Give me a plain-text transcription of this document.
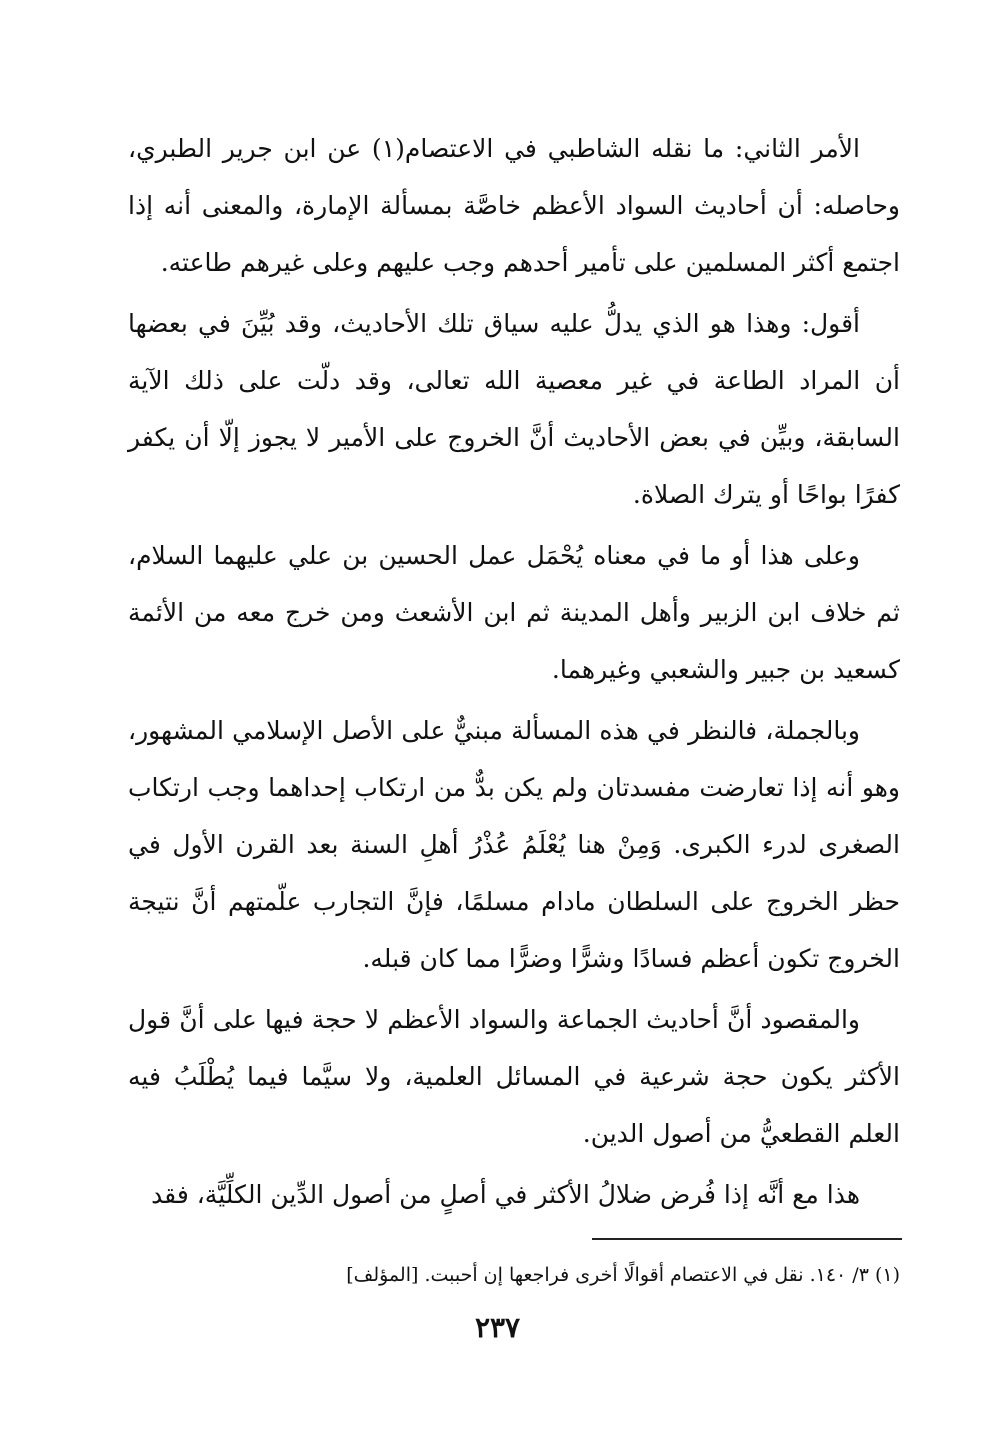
الأمر الثاني: ما نقله الشاطبي في الاعتصام(١) عن ابن جرير الطبري، وحاصله: أن أحاديث السواد الأعظم خاصَّة بمسألة الإمارة، والمعنى أنه إذا اجتمع أكثر المسلمين على تأمير أحدهم وجب عليهم وعلى غيرهم طاعته.

أقول: وهذا هو الذي يدلُّ عليه سياق تلك الأحاديث، وقد بُيِّنَ في بعضها أن المراد الطاعة في غير معصية الله تعالى، وقد دلّت على ذلك الآية السابقة، وبيِّن في بعض الأحاديث أنَّ الخروج على الأمير لا يجوز إلّا أن يكفر كفرًا بواحًا أو يترك الصلاة.

وعلى هذا أو ما في معناه يُحْمَل عمل الحسين بن علي عليهما السلام، ثم خلاف ابن الزبير وأهل المدينة ثم ابن الأشعث ومن خرج معه من الأئمة كسعيد بن جبير والشعبي وغيرهما.

وبالجملة، فالنظر في هذه المسألة مبنيٌّ على الأصل الإسلامي المشهور، وهو أنه إذا تعارضت مفسدتان ولم يكن بدٌّ من ارتكاب إحداهما وجب ارتكاب الصغرى لدرء الكبرى. وَمِنْ هنا يُعْلَمُ عُذْرُ أهلِ السنة بعد القرن الأول في حظر الخروج على السلطان مادام مسلمًا، فإنَّ التجارب علّمتهم أنَّ نتيجة الخروج تكون أعظم فسادًا وشرًّا وضرًّا مما كان قبله.

والمقصود أنَّ أحاديث الجماعة والسواد الأعظم لا حجة فيها على أنَّ قول الأكثر يكون حجة شرعية في المسائل العلمية، ولا سيَّما فيما يُطْلَبُ فيه العلم القطعيُّ من أصول الدين.

هذا مع أنَّه إذا فُرض ضلالُ الأكثر في أصلٍ من أصول الدِّين الكلِّيَّة، فقد

(١) ٣/ ١٤٠. نقل في الاعتصام أقوالًا أخرى فراجعها إن أحببت. [المؤلف]
٢٣٧
